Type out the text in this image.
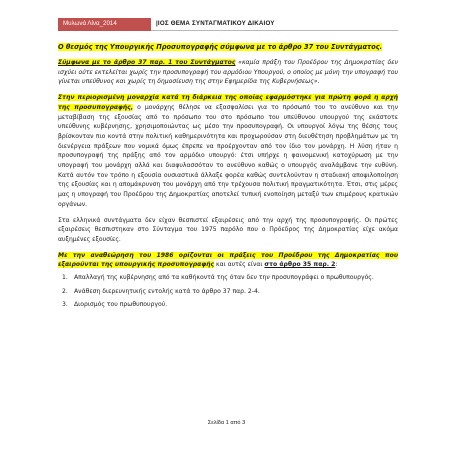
Μυλωνά Λίνα_2014	|ΙΟΣ ΘΕΜΑ ΣΥΝΤΑΓΜΑΤΙΚΟΥ ΔΙΚΑΙΟΥ
Ο θεσμός της Υπουργικής Προσυπογραφής σύμφωνα με το άρθρο 37 του Συντάγματος.

Σύμφωνα με το άρθρο 37 παρ. 1 του Συντάγματος «καμία πράξη του Προέδρου της Δημοκρατίας δεν ισχύει ούτε εκτελείται χωρίς την προσυπογραφή του αρμόδιου Υπουργού, ο οποίος με μόνη την υπογραφή του γίνεται υπεύθυνος και χωρίς τη δημοσίευση της στην Εφημερίδα της Κυβερνήσεως».

Στην περιορισμένη μοναρχία κατά τη διάρκεια της οποίας εφαρμόστηκε για πρώτη φορά η αρχή της προσυπογραφής, ο μονάρχης θέλησε να εξασφαλίσει για το πρόσωπό του το ανεύθυνο και την μεταβίβαση της εξουσίας από το πρόσωπο του στο πρόσωπο του υπεύθυνου υπουργού της εκάστοτε υπεύθυνης κυβέρνησης, χρησιμοποιώντας ως μέσο την προσυπογραφή. Οι υπουργοί λόγω της θέσης τους βρίσκονταν πιο κοντά στην πολιτική καθημερινότητα και προχωρούσαν στη διευθέτηση προβλημάτων με τη διενέργεια πράξεων που νομικά όμως έπρεπε να προέρχονταν από τον ίδιο τον μονάρχη. Η λύση ήταν η προσυπογραφή της πράξης από τον αρμόδιο υπουργό: έτσι υπήρχε η φαινομενική κατοχύρωση με την υπογραφή του μονάρχη αλλά και διαφυλασσόταν το ανεύθυνο καθώς ο υπουργός αναλάμβανε την ευθύνη. Κατά αυτόν τον τρόπο η εξουσία ουσιαστικά άλλαξε φορέα καθώς συντελούνταν η σταδιακή αποψιλοποίηση της εξουσίας και η απομάκρυνση του μονάρχη από την τρέχουσα πολιτική πραγματικότητα. Έτσι, στις μέρες μας η υπογραφή του Προέδρου της Δημοκρατίας αποτελεί τυπική ενοποίηση μεταξύ των επιμέρους κρατικών οργάνων.

Στα ελληνικά συντάγματα δεν είχαν θεσπιστεί εξαιρέσεις από την αρχή της προσυπογραφής. Οι πρώτες εξαιρέσεις θεσπιστηκαν στο Σύνταγμα του 1975 παρόλο που ο Πρόεδρος της Δημοκρατίας είχε ακόμα αυξημένες εξουσίες.

Με την αναθεώρηση του 1986 ορίζονται οι πράξεις του Προέδρου της Δημοκρατίας που εξαιρούνται της υπουργικής προσυπογραφής και αυτές είναι στο άρθρο 35 παρ. 2:

1.	Απαλλαγή της κυβέρνησης από τα καθήκοντά της όταν δεν την προσυπογράφει ο πρωθυπουργός.
2.	Ανάθεση διερευνητικής εντολής κατά το άρθρο 37 παρ. 2-4.
3.	Διορισμός του πρωθυπουργού.
Σελίδα 1 από 3
